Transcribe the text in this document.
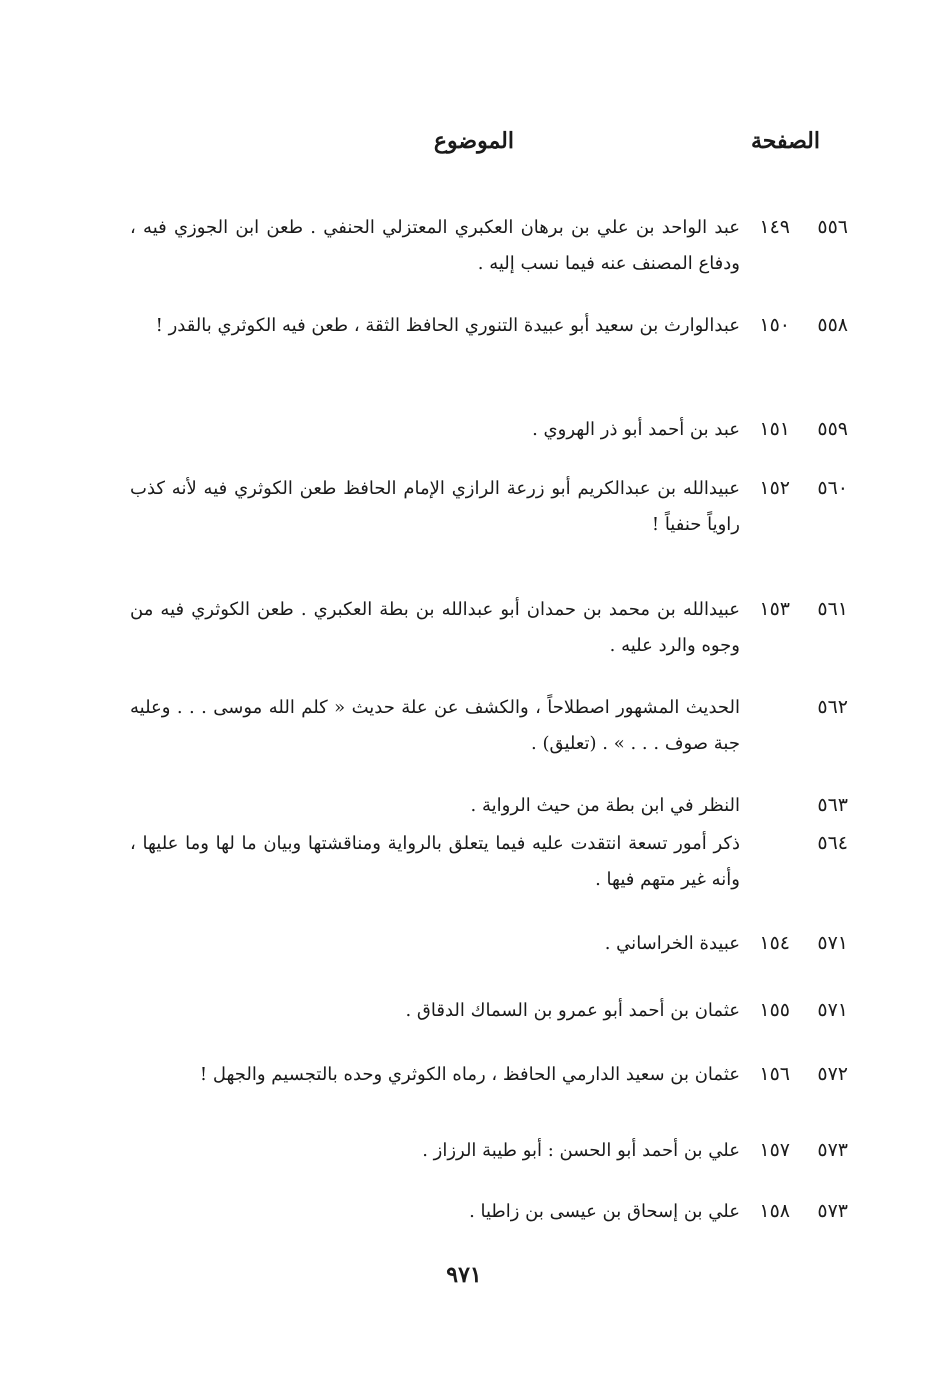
الصفحة
الموضوع
٥٥٦
١٤٩
عبد الواحد بن علي بن برهان العكبري المعتزلي الحنفي . طعن ابن الجوزي فيه ، ودفاع المصنف عنه فيما نسب إليه .
٥٥٨
١٥٠
عبدالوارث بن سعيد أبو عبيدة التنوري الحافظ الثقة ، طعن فيه الكوثري بالقدر !
٥٥٩
١٥١
عبد بن أحمد أبو ذر الهروي .
٥٦٠
١٥٢
عبيدالله بن عبدالكريم أبو زرعة الرازي الإمام الحافظ طعن الكوثري فيه لأنه كذب راوياً حنفياً !
٥٦١
١٥٣
عبيدالله بن محمد بن حمدان أبو عبدالله بن بطة العكبري . طعن الكوثري فيه من وجوه والرد عليه .
٥٦٢
الحديث المشهور اصطلاحاً ، والكشف عن علة حديث « كلم الله موسى . . . وعليه جبة صوف . . . » . (تعليق) .
٥٦٣
النظر في ابن بطة من حيث الرواية .
٥٦٤
ذكر أمور تسعة انتقدت عليه فيما يتعلق بالرواية ومناقشتها وبيان ما لها وما عليها ، وأنه غير متهم فيها .
٥٧١
١٥٤
عبيدة الخراساني .
٥٧١
١٥٥
عثمان بن أحمد أبو عمرو بن السماك الدقاق .
٥٧٢
١٥٦
عثمان بن سعيد الدارمي الحافظ ، رماه الكوثري وحده بالتجسيم والجهل !
٥٧٣
١٥٧
علي بن أحمد أبو الحسن : أبو طيبة الرزاز .
٥٧٣
١٥٨
علي بن إسحاق بن عيسى بن زاطيا .
٩٧١
